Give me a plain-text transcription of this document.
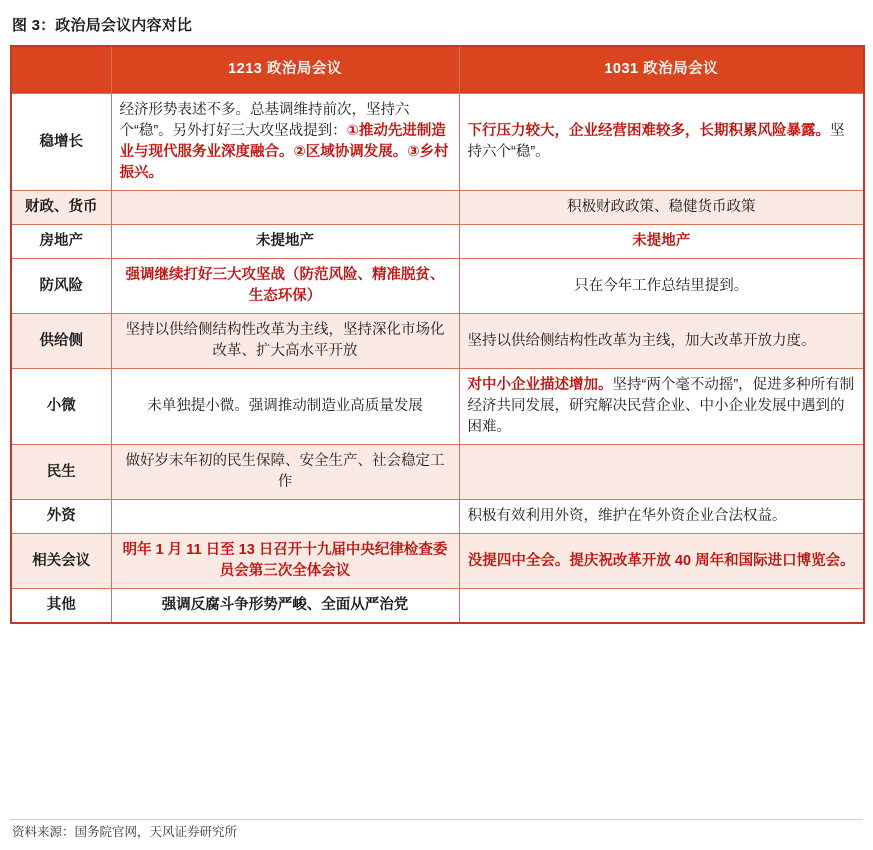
图 3：政治局会议内容对比
	1213 政治局会议	1031 政治局会议
稳增长	经济形势表述不多。总基调维持前次，坚持六个“稳”。另外打好三大攻坚战提到：①推动先进制造业与现代服务业深度融合。②区域协调发展。③乡村振兴。	下行压力较大，企业经营困难较多，长期积累风险暴露。坚持六个“稳”。

财政、货币		积极财政政策、稳健货币政策

房地产	未提地产	未提地产

防风险	强调继续打好三大攻坚战（防范风险、精准脱贫、生态环保）	只在今年工作总结里提到。

供给侧	坚持以供给侧结构性改革为主线，坚持深化市场化改革、扩大高水平开放	坚持以供给侧结构性改革为主线，加大改革开放力度。

小微	未单独提小微。强调推动制造业高质量发展	对中小企业描述增加。坚持“两个毫不动摇”，促进多种所有制经济共同发展，研究解决民营企业、中小企业发展中遇到的困难。

民生	做好岁末年初的民生保障、安全生产、社会稳定工作	

外资		积极有效利用外资，维护在华外资企业合法权益。

相关会议	明年 1 月 11 日至 13 日召开十九届中央纪律检查委员会第三次全体会议	没提四中全会。提庆祝改革开放 40 周年和国际进口博览会。

其他	强调反腐斗争形势严峻、全面从严治党	

资料来源：国务院官网，天风证券研究所
